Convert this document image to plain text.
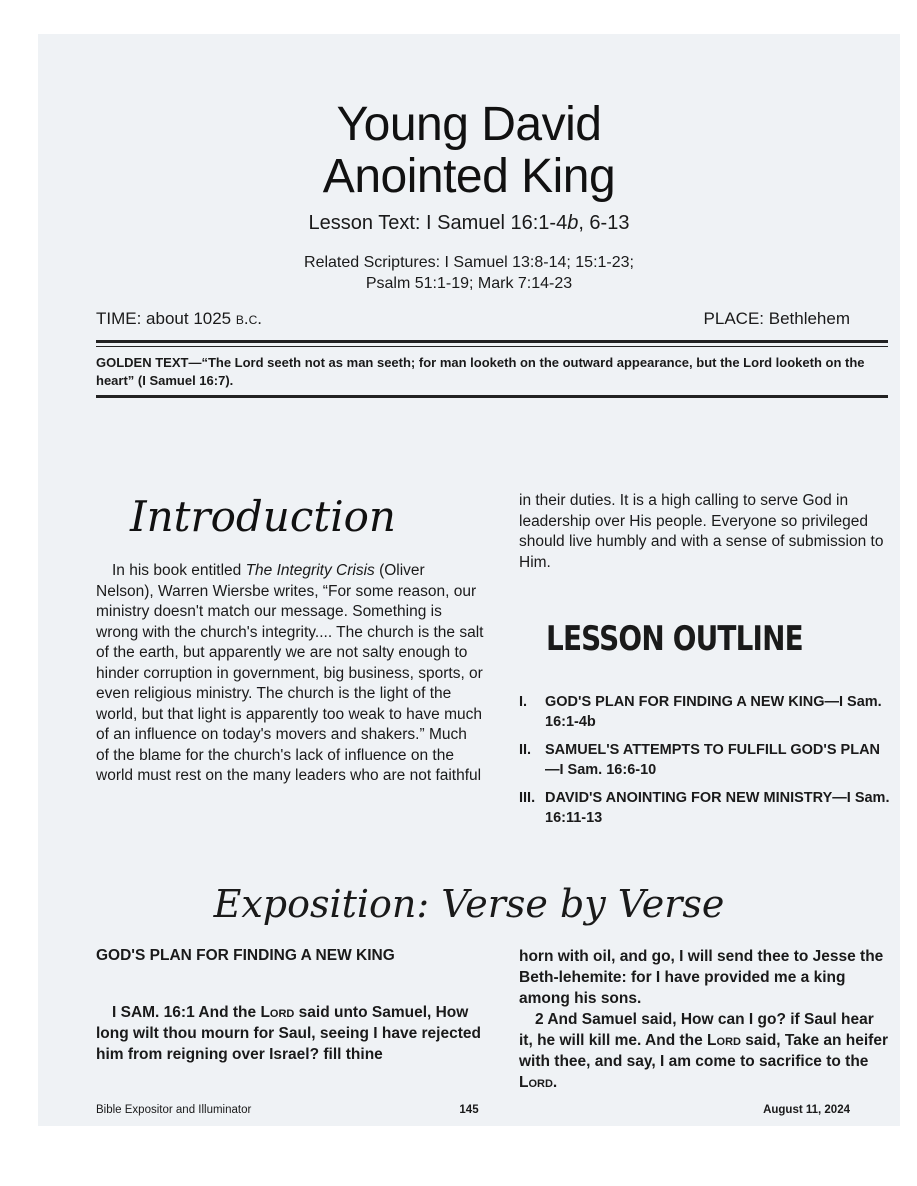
Young David
Anointed King
Lesson Text: I Samuel 16:1-4b, 6-13
Related Scriptures: I Samuel 13:8-14; 15:1-23;
Psalm 51:1-19; Mark 7:14-23
TIME: about 1025 b.c.	PLACE: Bethlehem
GOLDEN TEXT—“The Lord seeth not as man seeth; for man looketh on the outward appearance, but the Lord looketh on the heart” (I Samuel 16:7).
Introduction

In his book entitled The Integrity Crisis (Oliver Nelson), Warren Wiersbe writes, “For some reason, our ministry doesn't match our message. Something is wrong with the church's integrity.... The church is the salt of the earth, but apparently we are not salty enough to hinder corruption in government, big business, sports, or even religious ministry. The church is the light of the world, but that light is apparently too weak to have much of an influence on today's movers and shakers.” Much of the blame for the church's lack of influence on the world must rest on the many leaders who are not faithful

in their duties. It is a high calling to serve God in leadership over His people. Everyone so privileged should live humbly and with a sense of submission to Him.
LESSON OUTLINE
I.	GOD'S PLAN FOR FINDING A NEW KING—I Sam. 16:1-4b
II. SAMUEL'S ATTEMPTS TO FULFILL GOD'S PLAN—I Sam. 16:6-10
III. DAVID'S ANOINTING FOR NEW MINISTRY—I Sam. 16:11-13
Exposition: Verse by Verse
GOD'S PLAN FOR FINDING A NEW KING
I SAM. 16:1 And the Lord said unto Samuel, How long wilt thou mourn for Saul, seeing I have rejected him from reigning over Israel? fill thine
horn with oil, and go, I will send thee to Jesse the Beth-lehemite: for I have provided me a king among his sons.
2 And Samuel said, How can I go? if Saul hear it, he will kill me. And the Lord said, Take an heifer with thee, and say, I am come to sacrifice to the Lord.
Bible Expositor and Illuminator	145	August 11, 2024
